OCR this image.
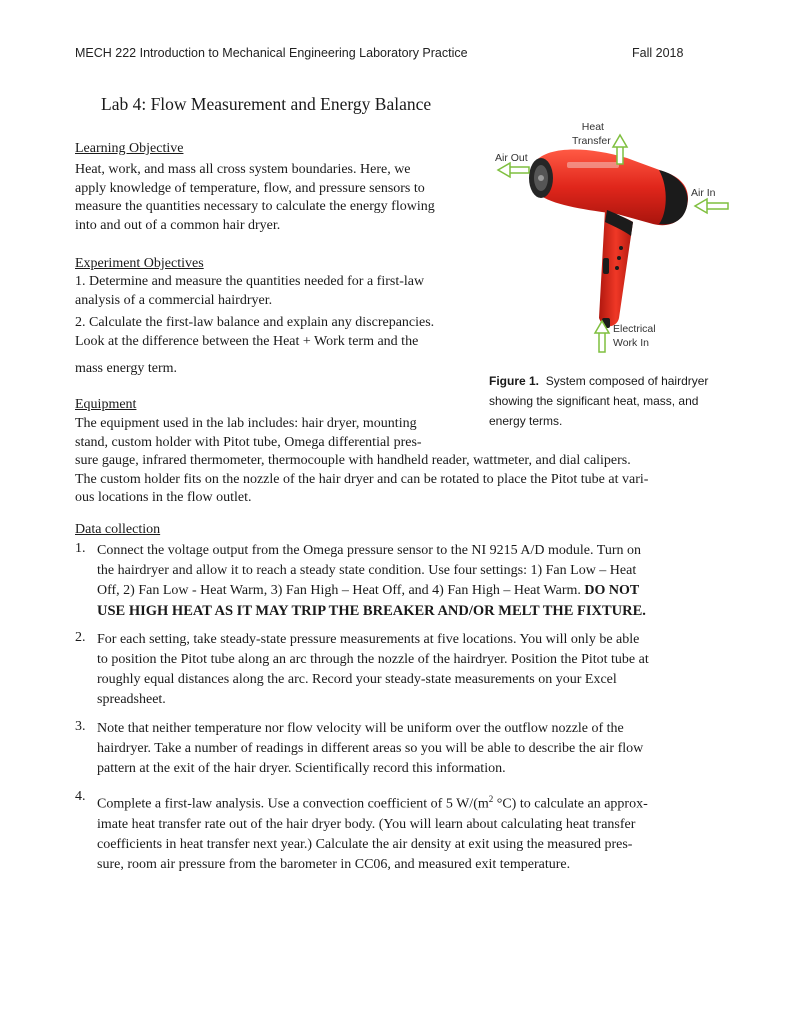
MECH 222 Introduction to Mechanical Engineering Laboratory Practice	Fall 2018
Lab 4: Flow Measurement and Energy Balance
Learning Objective
Heat, work, and mass all cross system boundaries. Here, we
apply knowledge of temperature, flow, and pressure sensors to
measure the quantities necessary to calculate the energy flowing
into and out of a common hair dryer.
Experiment Objectives
1. Determine and measure the quantities needed for a first-law
analysis of a commercial hairdryer.
2. Calculate the first-law balance and explain any discrepancies.
Look at the difference between the Heat + Work term and the
mass energy term.
Heat
Transfer
Air Out
Air In
Electrical
Work In
Figure 1. System composed of hairdryer
showing the significant heat, mass, and
energy terms.
Equipment
The equipment used in the lab includes: hair dryer, mounting
stand, custom holder with Pitot tube, Omega differential pres-
sure gauge, infrared thermometer, thermocouple with handheld reader, wattmeter, and dial calipers.
The custom holder fits on the nozzle of the hair dryer and can be rotated to place the Pitot tube at vari-
ous locations in the flow outlet.
Data collection
1. Connect the voltage output from the Omega pressure sensor to the NI 9215 A/D module. Turn on
the hairdryer and allow it to reach a steady state condition. Use four settings: 1) Fan Low – Heat
Off, 2) Fan Low - Heat Warm, 3) Fan High – Heat Off, and 4) Fan High – Heat Warm. DO NOT
USE HIGH HEAT AS IT MAY TRIP THE BREAKER AND/OR MELT THE FIXTURE.
2. For each setting, take steady-state pressure measurements at five locations. You will only be able
to position the Pitot tube along an arc through the nozzle of the hairdryer. Position the Pitot tube at
roughly equal distances along the arc. Record your steady-state measurements on your Excel
spreadsheet.
3. Note that neither temperature nor flow velocity will be uniform over the outflow nozzle of the
hairdryer. Take a number of readings in different areas so you will be able to describe the air flow
pattern at the exit of the hair dryer. Scientifically record this information.
4.
Complete a first-law analysis. Use a convection coefficient of 5 $W/(m^2$ °C) to calculate an approx-
imate heat transfer rate out of the hair dryer body. (You will learn about calculating heat transfer
coefficients in heat transfer next year.) Calculate the air density at exit using the measured pres-
sure, room air pressure from the barometer in CC06, and measured exit temperature.
